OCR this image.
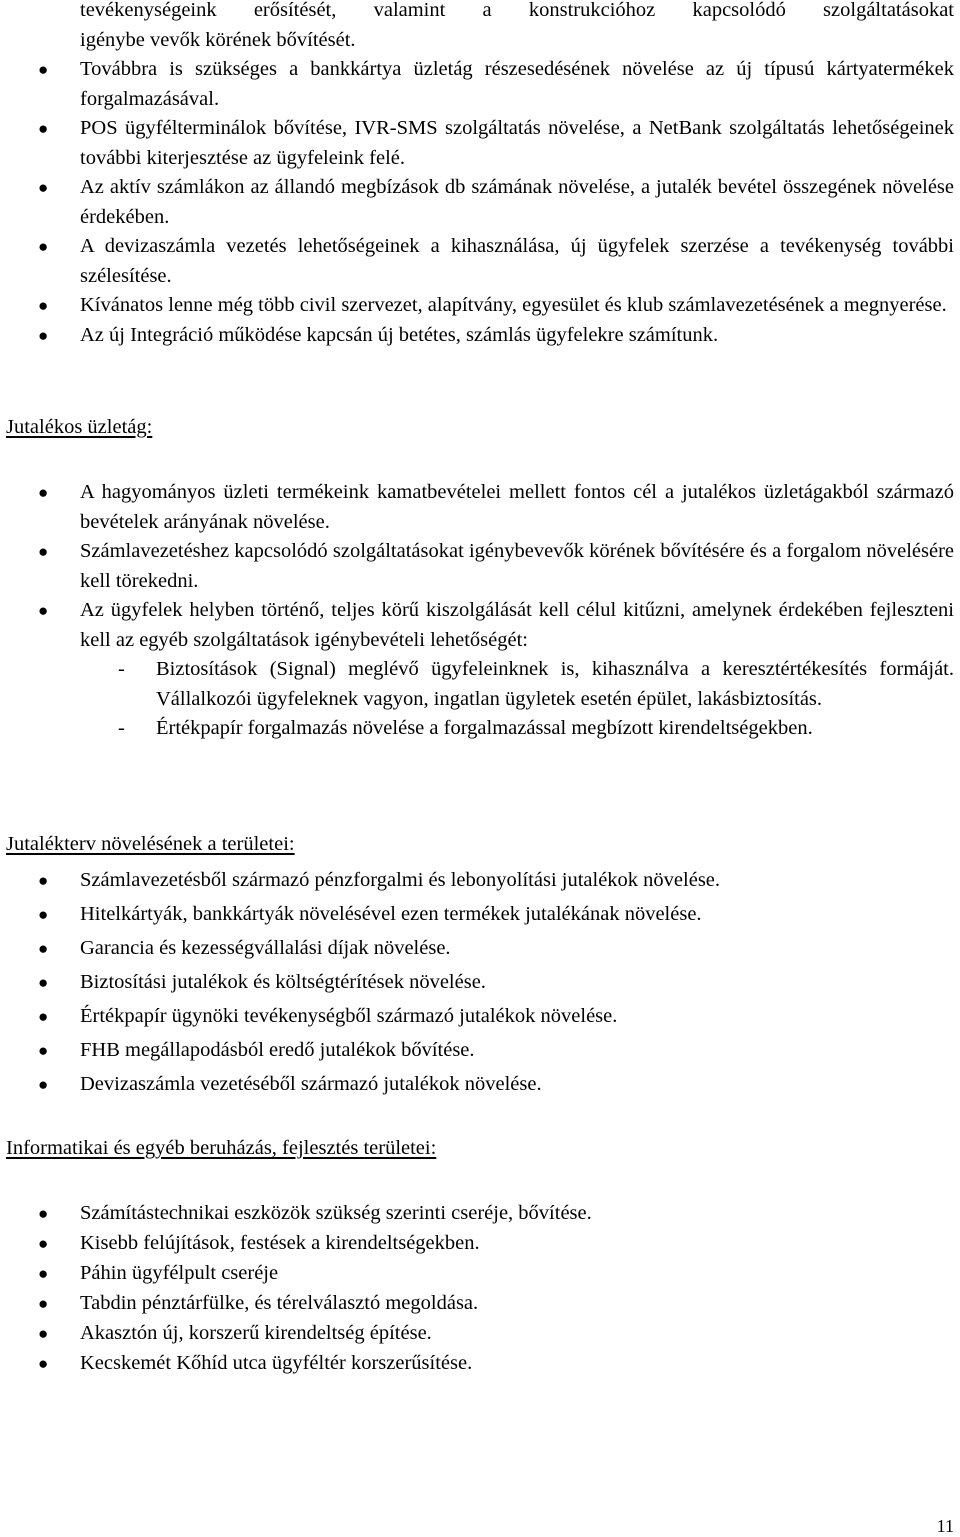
tevékenységeink erősítését, valamint a konstrukcióhoz kapcsolódó szolgáltatásokat
igénybe vevők körének bővítését.
● Továbbra is szükséges a bankkártya üzletág részesedésének növelése az új típusú kártyatermékek forgalmazásával.
● POS ügyfélterminálok bővítése, IVR-SMS szolgáltatás növelése, a NetBank szolgáltatás lehetőségeinek további kiterjesztése az ügyfeleink felé.
● Az aktív számlákon az állandó megbízások db számának növelése, a jutalék bevétel összegének növelése érdekében.
● A devizaszámla vezetés lehetőségeinek a kihasználása, új ügyfelek szerzése a tevékenység további szélesítése.
● Kívánatos lenne még több civil szervezet, alapítvány, egyesület és klub számlavezetésének a megnyerése.
● Az új Integráció működése kapcsán új betétes, számlás ügyfelekre számítunk.
Jutalékos üzletág:
● A hagyományos üzleti termékeink kamatbevételei mellett fontos cél a jutalékos üzletágakból származó bevételek arányának növelése.
● Számlavezetéshez kapcsolódó szolgáltatásokat igénybevevők körének bővítésére és a forgalom növelésére kell törekedni.
● Az ügyfelek helyben történő, teljes körű kiszolgálását kell célul kitűzni, amelynek érdekében fejleszteni kell az egyéb szolgáltatások igénybevételi lehetőségét:
- Biztosítások (Signal) meglévő ügyfeleinknek is, kihasználva a keresztértékesítés formáját. Vállalkozói ügyfeleknek vagyon, ingatlan ügyletek esetén épület, lakásbiztosítás.
- Értékpapír forgalmazás növelése a forgalmazással megbízott kirendeltségekben.
Jutalékterv növelésének a területei:
● Számlavezetésből származó pénzforgalmi és lebonyolítási jutalékok növelése.
● Hitelkártyák, bankkártyák növelésével ezen termékek jutalékának növelése.
● Garancia és kezességvállalási díjak növelése.
● Biztosítási jutalékok és költségtérítések növelése.
● Értékpapír ügynöki tevékenységből származó jutalékok növelése.
● FHB megállapodásból eredő jutalékok bővítése.
● Devizaszámla vezetéséből származó jutalékok növelése.
Informatikai és egyéb beruházás, fejlesztés területei:
● Számítástechnikai eszközök szükség szerinti cseréje, bővítése.
● Kisebb felújítások, festések a kirendeltségekben.
● Páhin ügyfélpult cseréje
● Tabdin pénztárfülke, és térelválasztó megoldása.
● Akasztón új, korszerű kirendeltség építése.
● Kecskemét Kőhíd utca ügyféltér korszerűsítése.
11
